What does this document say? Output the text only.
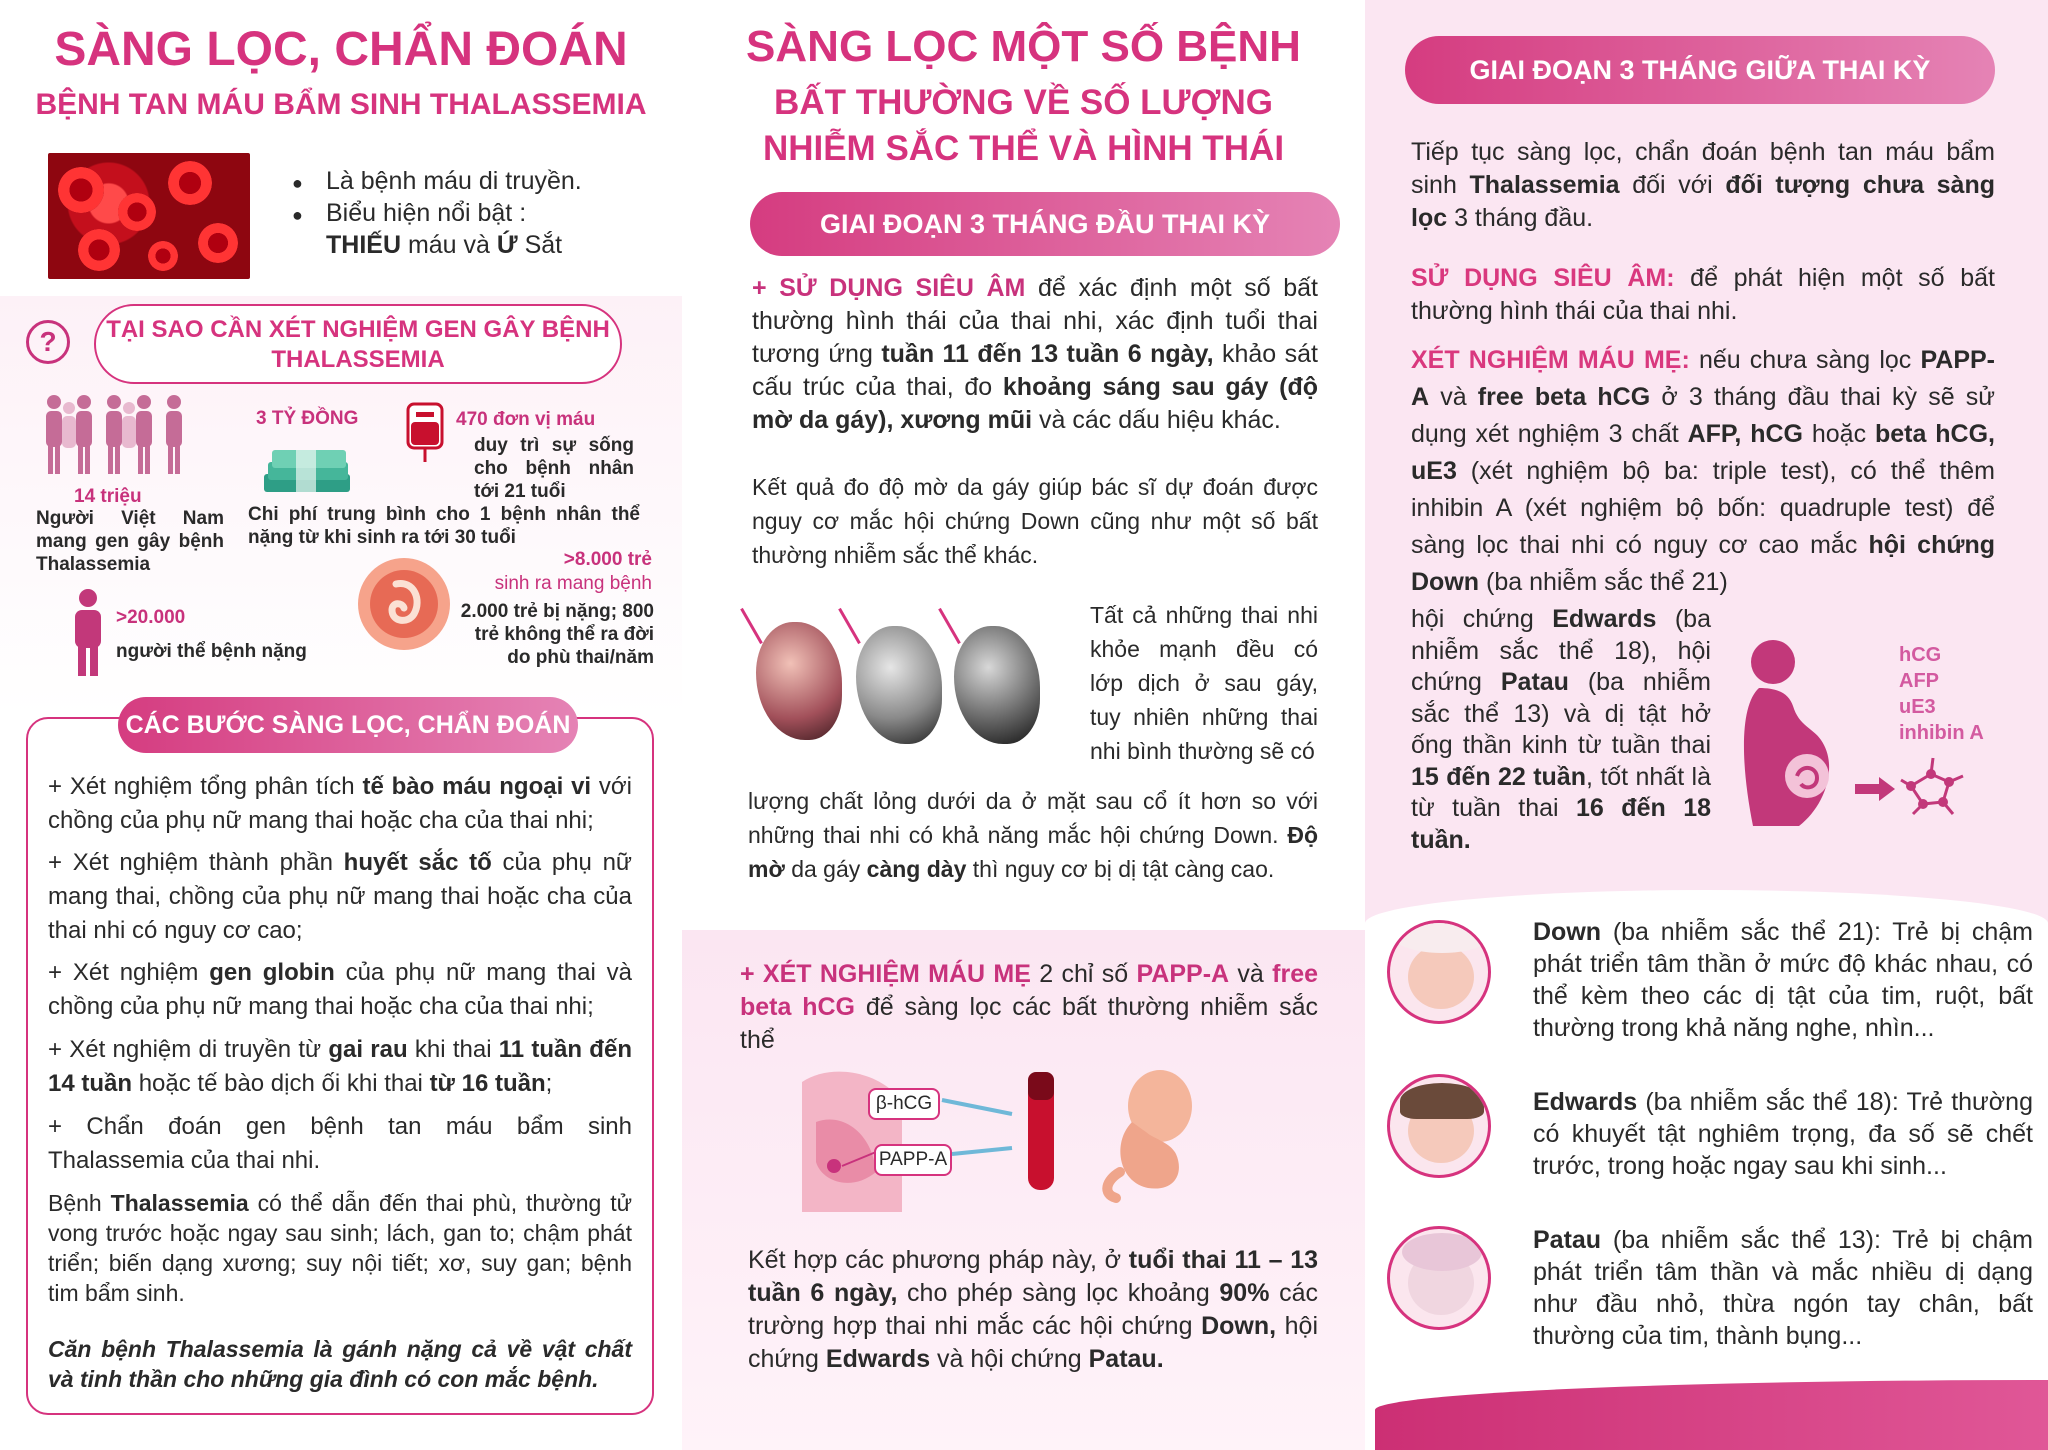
SÀNG LỌC, CHẨN ĐOÁN
BỆNH TAN MÁU BẨM SINH THALASSEMIA
● Là bệnh máu di truyền.
● Biểu hiện nổi bật :
THIẾU máu và Ứ Sắt
?	TẠI SAO CẦN XÉT NGHIỆM GEN GÂY BỆNH THALASSEMIA
14 triệu
Người Việt Nam mang gen gây bệnh Thalassemia
3 TỶ ĐỒNG
Chi phí trung bình cho 1 bệnh nhân thể nặng từ khi sinh ra tới 30 tuổi
470 đơn vị máu
duy trì sự sống cho bệnh nhân tới 21 tuổi
>8.000 trẻ
sinh ra mang bệnh
2.000 trẻ bị nặng; 800 trẻ không thể ra đời do phù thai/năm
>20.000
người thể bệnh nặng
CÁC BƯỚC SÀNG LỌC, CHẨN ĐOÁN
+ Xét nghiệm tổng phân tích tế bào máu ngoại vi với chồng của phụ nữ mang thai hoặc cha của thai nhi;
+ Xét nghiệm thành phần huyết sắc tố của phụ nữ mang thai, chồng của phụ nữ mang thai hoặc cha của thai nhi có nguy cơ cao;
+ Xét nghiệm gen globin của phụ nữ mang thai và chồng của phụ nữ mang thai hoặc cha của thai nhi;
+ Xét nghiệm di truyền từ gai rau khi thai 11 tuần đến 14 tuần hoặc tế bào dịch ối khi thai từ 16 tuần;
+ Chẩn đoán gen bệnh tan máu bẩm sinh Thalassemia của thai nhi.
Bệnh Thalassemia có thể dẫn đến thai phù, thường tử vong trước hoặc ngay sau sinh; lách, gan to; chậm phát triển; biến dạng xương; suy nội tiết; xơ, suy gan; bệnh tim bẩm sinh.
Căn bệnh Thalassemia là gánh nặng cả về vật chất và tinh thần cho những gia đình có con mắc bệnh.
SÀNG LỌC MỘT SỐ BỆNH
BẤT THƯỜNG VỀ SỐ LƯỢNG
NHIỄM SẮC THỂ VÀ HÌNH THÁI
GIAI ĐOẠN 3 THÁNG ĐẦU THAI KỲ
+ SỬ DỤNG SIÊU ÂM để xác định một số bất thường hình thái của thai nhi, xác định tuổi thai tương ứng tuần 11 đến 13 tuần 6 ngày, khảo sát cấu trúc của thai, đo khoảng sáng sau gáy (độ mờ da gáy), xương mũi và các dấu hiệu khác.
Kết quả đo độ mờ da gáy giúp bác sĩ dự đoán được nguy cơ mắc hội chứng Down cũng như một số bất thường nhiễm sắc thể khác.
Tất cả những thai nhi khỏe mạnh đều có lớp dịch ở sau gáy, tuy nhiên những thai nhi bình thường sẽ có
lượng chất lỏng dưới da ở mặt sau cổ ít hơn so với những thai nhi có khả năng mắc hội chứng Down. Độ mờ da gáy càng dày thì nguy cơ bị dị tật càng cao.
+ XÉT NGHIỆM MÁU MẸ 2 chỉ số PAPP-A và free beta hCG để sàng lọc các bất thường nhiễm sắc thể
β-hCG
PAPP-A
Kết hợp các phương pháp này, ở tuổi thai 11 – 13 tuần 6 ngày, cho phép sàng lọc khoảng 90% các trường hợp thai nhi mắc các hội chứng Down, hội chứng Edwards và hội chứng Patau.
GIAI ĐOẠN 3 THÁNG GIỮA THAI KỲ
Tiếp tục sàng lọc, chẩn đoán bệnh tan máu bẩm sinh Thalassemia đối với đối tượng chưa sàng lọc 3 tháng đầu.
SỬ DỤNG SIÊU ÂM: để phát hiện một số bất thường hình thái của thai nhi.
XÉT NGHIỆM MÁU MẸ: nếu chưa sàng lọc PAPP-A và free beta hCG ở 3 tháng đầu thai kỳ sẽ sử dụng xét nghiệm 3 chất AFP, hCG hoặc beta hCG, uE3 (xét nghiệm bộ ba: triple test), có thể thêm inhibin A (xét nghiệm bộ bốn: quadruple test) để sàng lọc thai nhi có nguy cơ cao mắc hội chứng Down (ba nhiễm sắc thể 21)
hội chứng Edwards (ba nhiễm sắc thể 18), hội chứng Patau (ba nhiễm sắc thể 13) và dị tật hở ống thần kinh từ tuần thai 15 đến 22 tuần, tốt nhất là từ tuần thai 16 đến 18 tuần.
hCG
AFP
uE3
inhibin A
Down (ba nhiễm sắc thể 21): Trẻ bị chậm phát triển tâm thần ở mức độ khác nhau, có thể kèm theo các dị tật của tim, ruột, bất thường trong khả năng nghe, nhìn...
Edwards (ba nhiễm sắc thể 18): Trẻ thường có khuyết tật nghiêm trọng, đa số sẽ chết trước, trong hoặc ngay sau khi sinh...
Patau (ba nhiễm sắc thể 13): Trẻ bị chậm phát triển tâm thần và mắc nhiều dị dạng như đầu nhỏ, thừa ngón tay chân, bất thường của tim, thành bụng...
